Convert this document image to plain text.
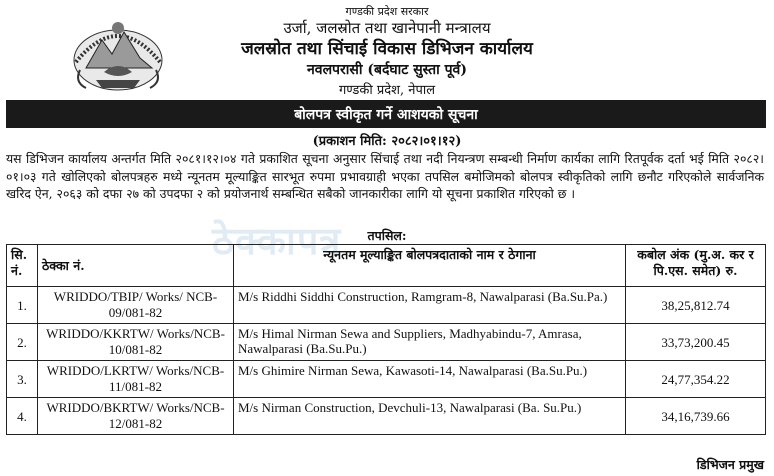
गण्डकी प्रदेश सरकार
उर्जा, जलस्रोत तथा खानेपानी मन्त्रालय
जलस्रोत तथा सिंचाई विकास डिभिजन कार्यालय
नवलपरासी (बर्दघाट सुस्ता पूर्व)
गण्डकी प्रदेश, नेपाल
बोलपत्र स्वीकृत गर्ने आशयको सूचना
(प्रकाशन मिति: २०८२।०१।१२)
यस डिभिजन कार्यालय अन्तर्गत मिति २०८१।१२।०४ गते प्रकाशित सूचना अनुसार सिंचाई तथा नदी नियन्त्रण सम्बन्धी निर्माण कार्यका लागि रितपूर्वक दर्ता भई मिति २०८२।०१।०३ गते खोलिएको बोलपत्रहरु मध्ये न्यूनतम मूल्याङ्कित सारभूत रुपमा प्रभावग्राही भएका तपसिल बमोजिमको बोलपत्र स्वीकृतिको लागि छनौट गरिएकोले सार्वजनिक खरिद ऐन, २०६३ को दफा २७ को उपदफा २ को प्रयोजनार्थ सम्बन्धित सबैको जानकारीका लागि यो सूचना प्रकाशित गरिएको छ ।
ठेक्कापत्र	तपसिल:
सि. नं.	ठेक्का नं.	न्यूनतम मूल्याङ्कित बोलपत्रदाताको नाम र ठेगाना	कबोल अंक (मु.अ. कर र पि.एस. समेत) रु.
1.	WRIDDO/TBIP/ Works/ NCB-09/081-82	M/s Riddhi Siddhi Construction, Ramgram-8, Nawalparasi (Ba.Su.Pa.)	38,25,812.74
2.	WRIDDO/KKRTW/ Works/NCB-10/081-82	M/s Himal Nirman Sewa and Suppliers, Madhyabindu-7, Amrasa, Nawalparasi (Ba.Su.Pu.)	33,73,200.45
3.	WRIDDO/LKRTW/ Works/NCB-11/081-82	M/s Ghimire Nirman Sewa, Kawasoti-14, Nawalparasi (Ba.Su.Pu.)	24,77,354.22
4.	WRIDDO/BKRTW/ Works/NCB-12/081-82	M/s Nirman Construction, Devchuli-13, Nawalparasi (Ba. Su.Pu.)	34,16,739.66
डिभिजन प्रमुख
